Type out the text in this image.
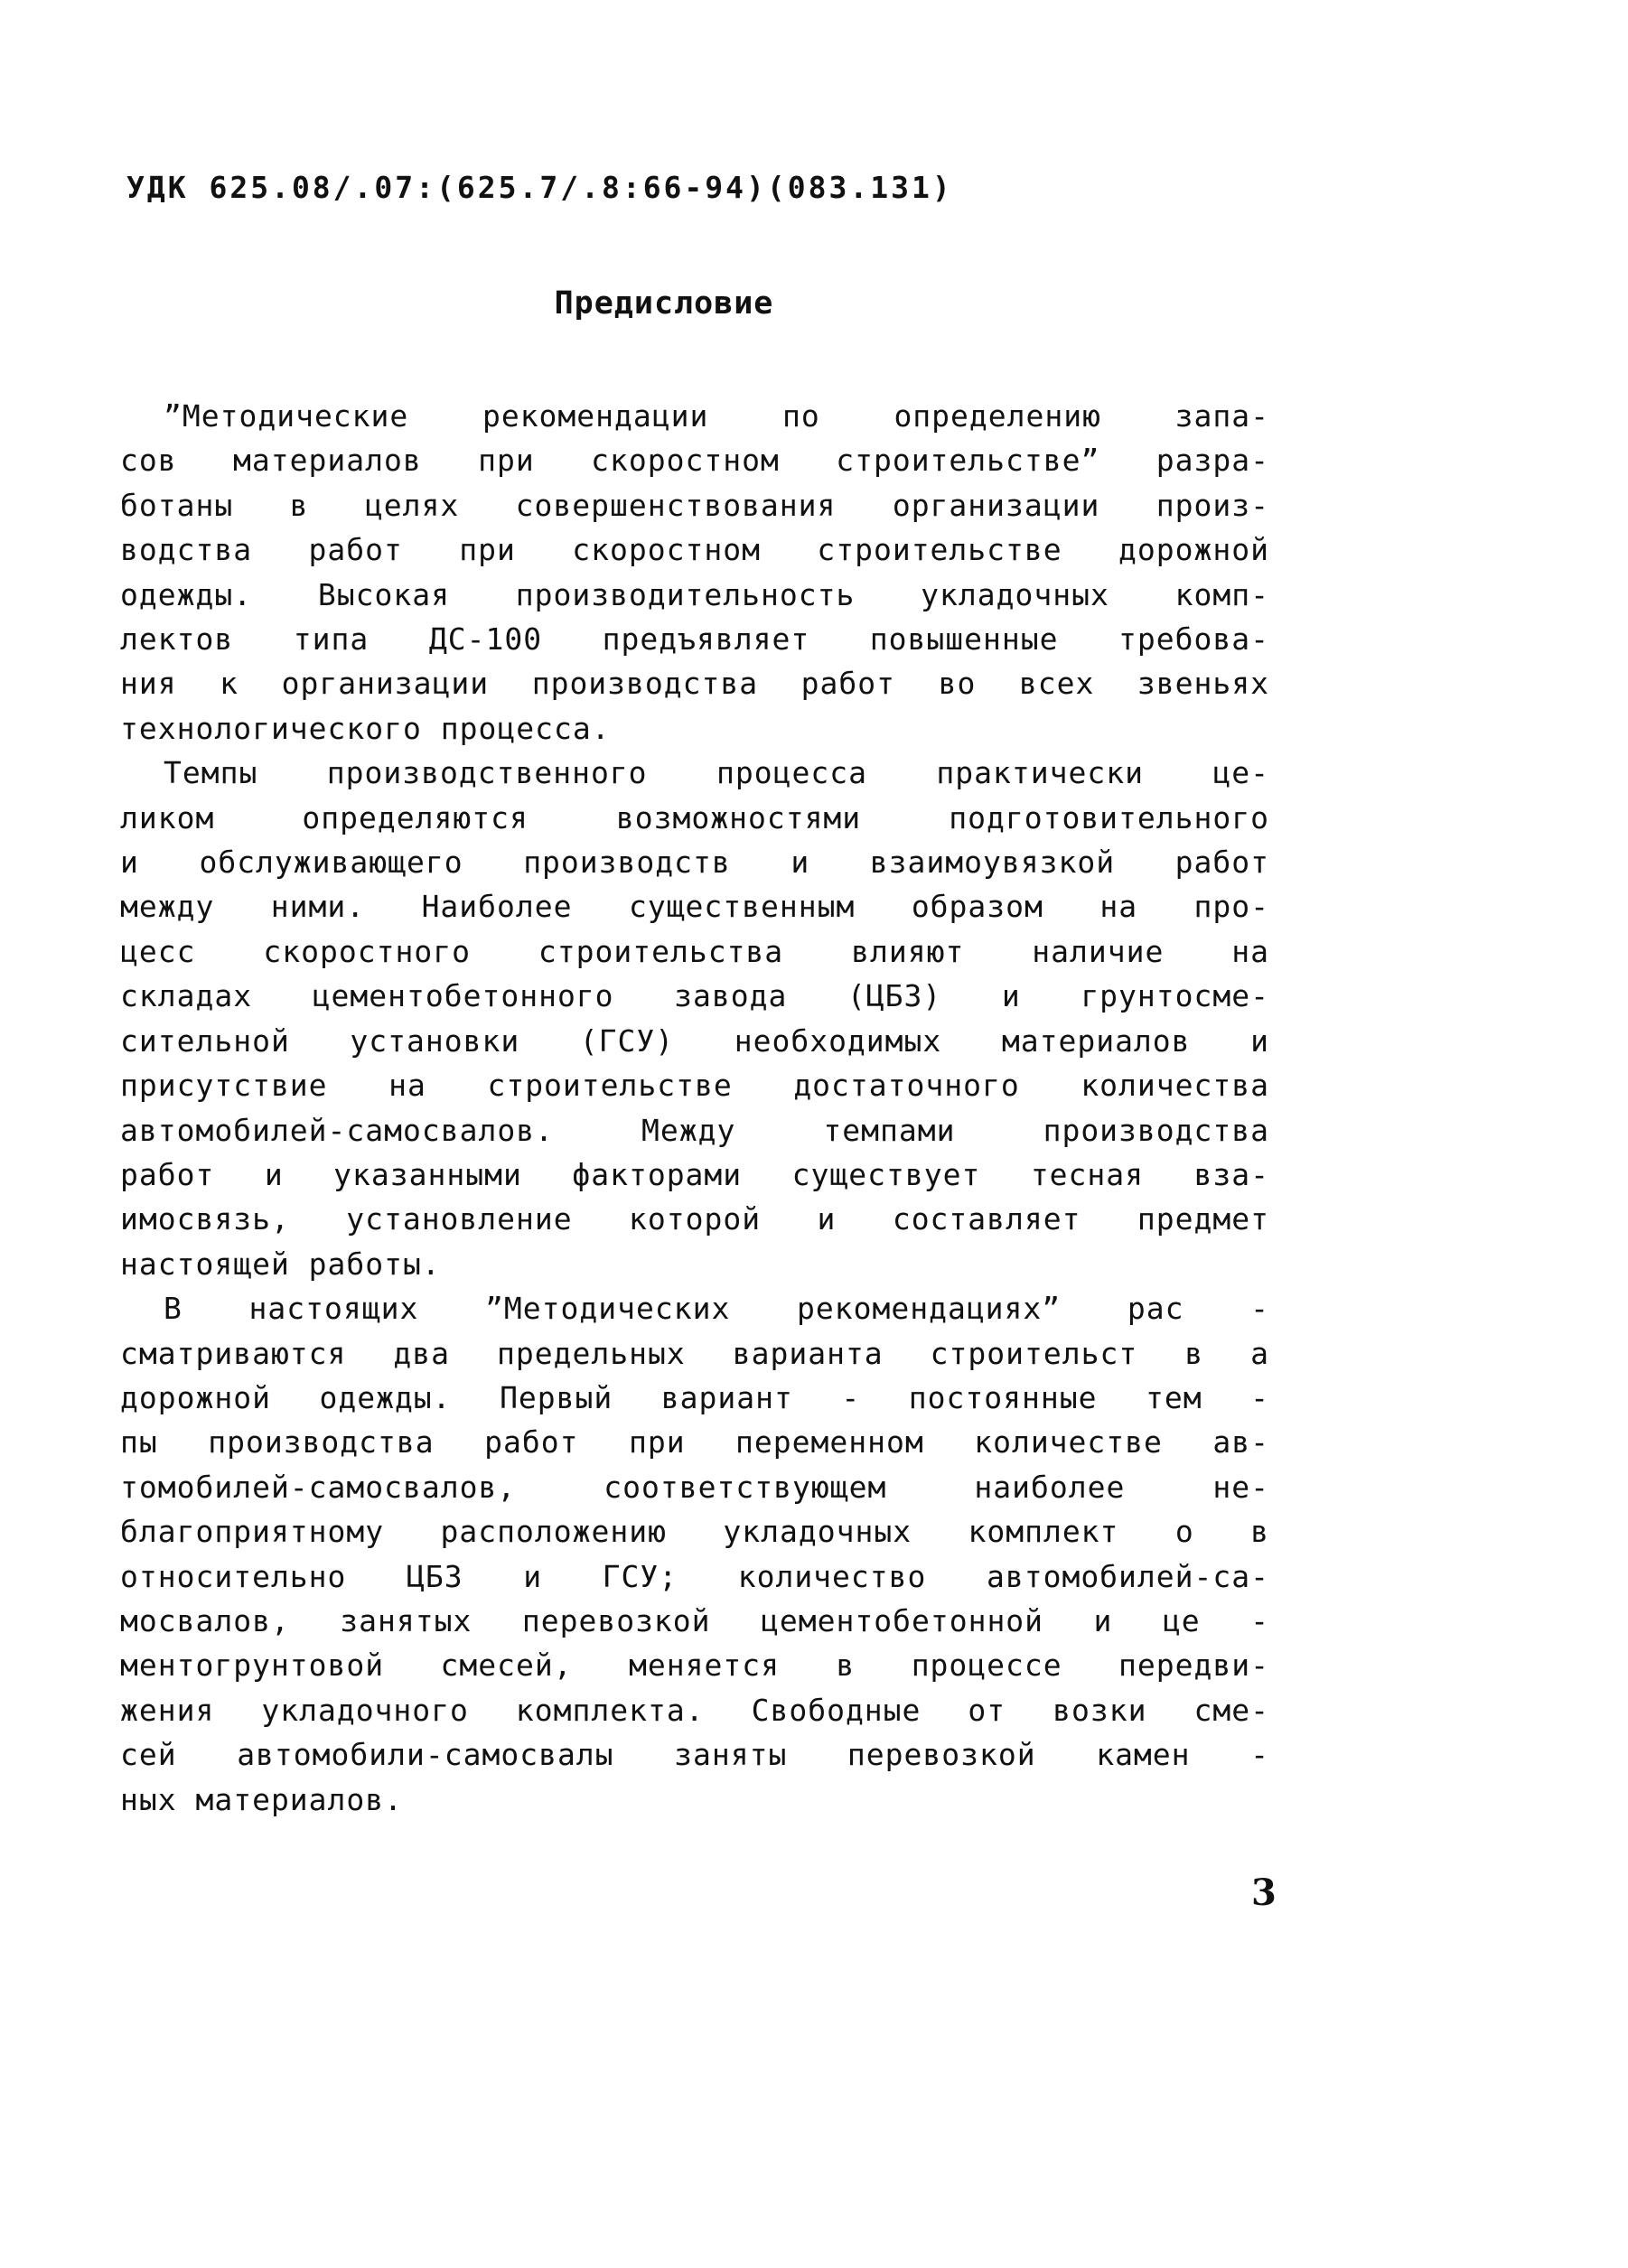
УДК 625.08/.07:(625.7/.8:66-94)(083.131)
Предисловие
”Методические рекомендации по определению запа-
сов материалов при скоростном строительстве” разра-
ботаны в целях совершенствования организации произ-
водства работ при скоростном строительстве дорожной
одежды. Высокая производительность укладочных комп-
лектов типа ДС-100 предъявляет повышенные требова-
ния к организации производства работ во всех звеньях
технологического процесса.
Темпы производственного процесса практически це-
ликом определяются возможностями подготовительного
и обслуживающего производств и взаимоувязкой работ
между ними. Наиболее существенным образом на про-
цесс скоростного строительства влияют наличие на
складах цементобетонного завода (ЦБЗ) и грунтосме-
сительной установки (ГСУ) необходимых материалов и
присутствие на строительстве достаточного количества
автомобилей-самосвалов. Между темпами производства
работ и указанными факторами существует тесная вза-
имосвязь, установление которой и составляет предмет
настоящей работы.
В настоящих ”Методических рекомендациях” рас -
сматриваются два предельных варианта строительст в а
дорожной одежды. Первый вариант - постоянные тем -
пы производства работ при переменном количестве ав-
томобилей-самосвалов, соответствующем наиболее не-
благоприятному расположению укладочных комплект о в
относительно ЦБЗ и ГСУ; количество автомобилей-са-
мосвалов, занятых перевозкой цементобетонной и це -
ментогрунтовой смесей, меняется в процессе передви-
жения укладочного комплекта. Свободные от возки сме-
сей автомобили-самосвалы заняты перевозкой камен -
ных материалов.
3
